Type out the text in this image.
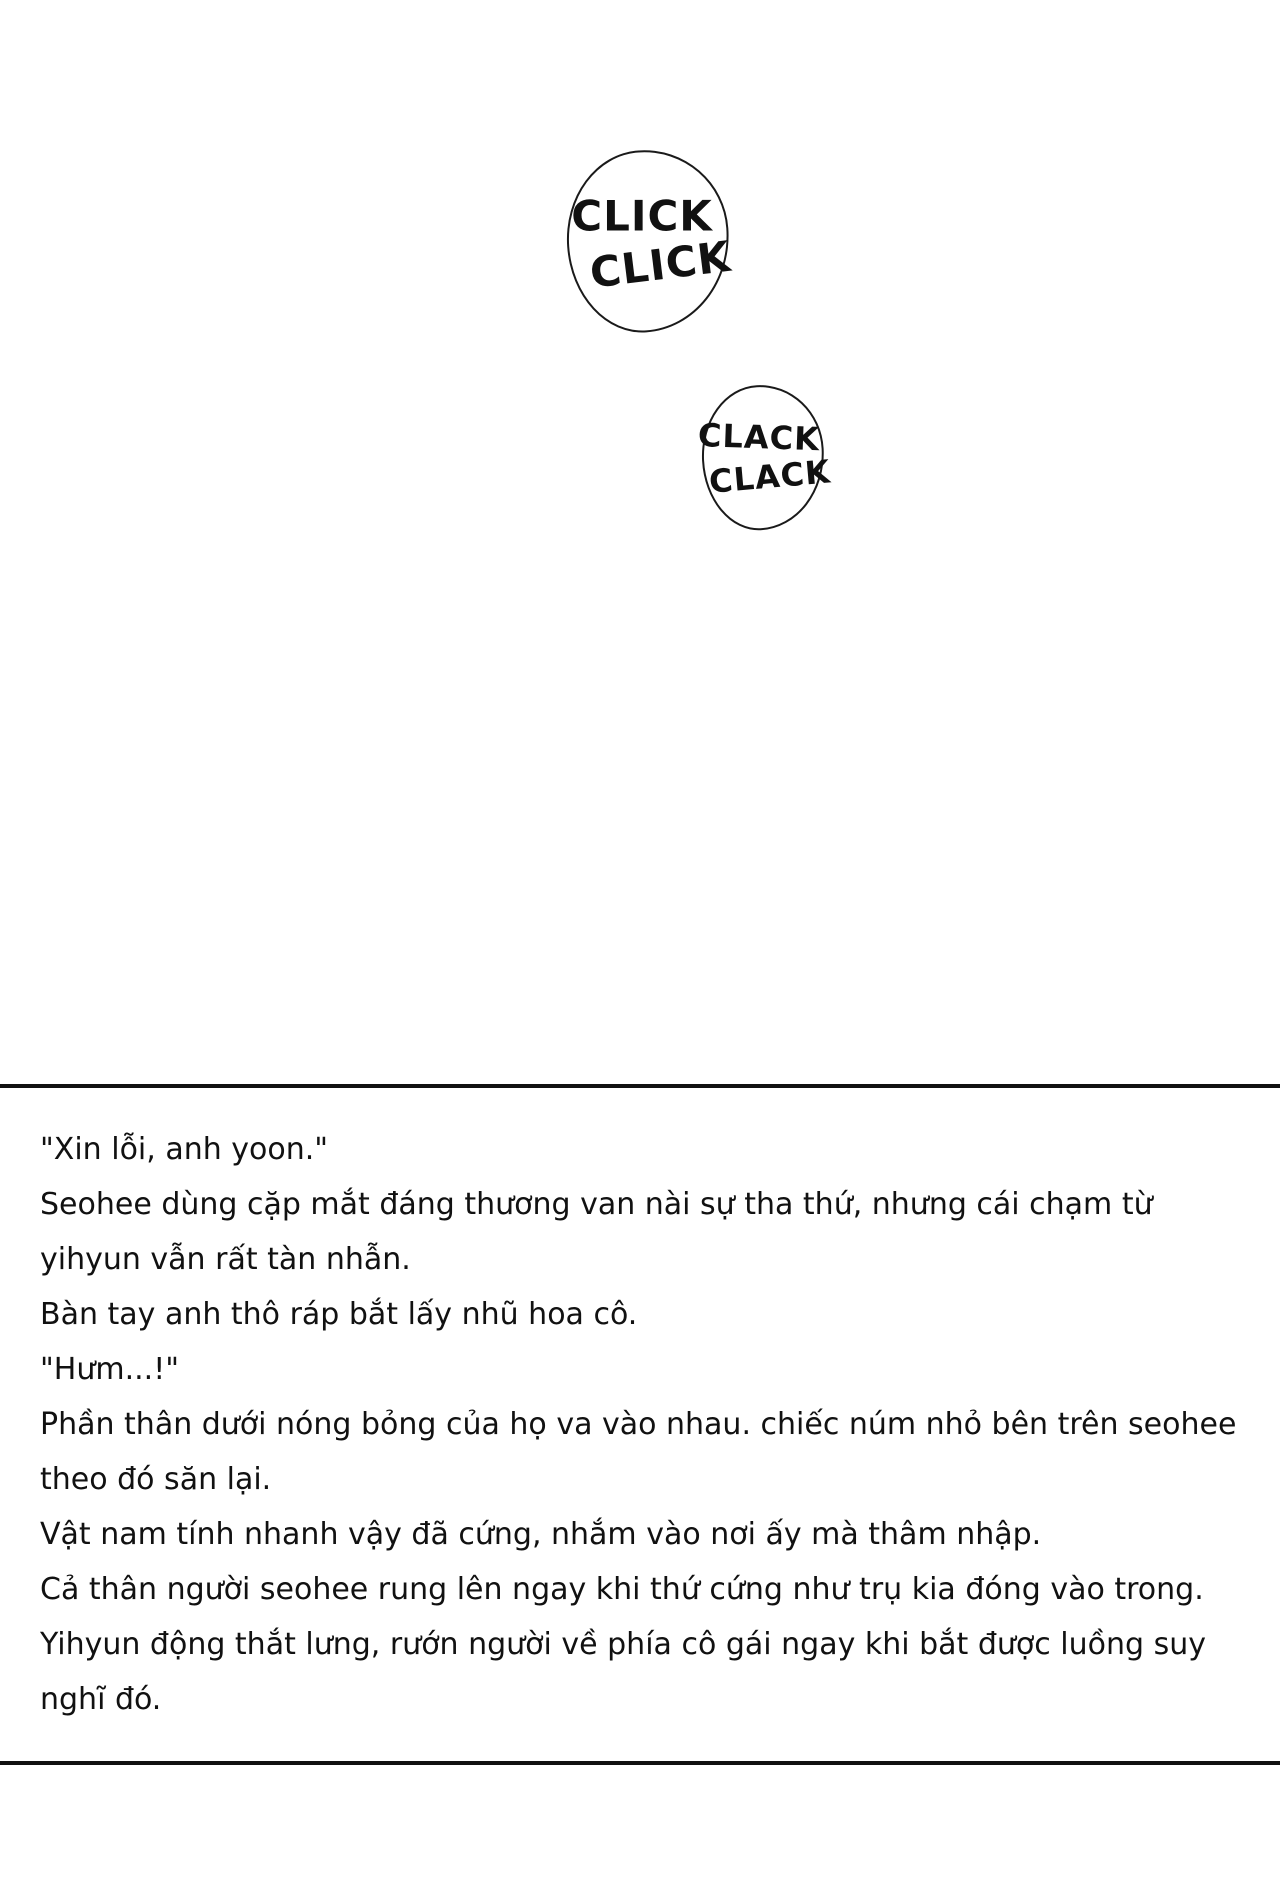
CLICK
CLICK
CLACK
CLACK

"Xin lỗi, anh yoon."

Seohee dùng cặp mắt đáng thương van nài sự tha thứ, nhưng cái chạm từ yihyun vẫn rất tàn nhẫn.

Bàn tay anh thô ráp bắt lấy nhũ hoa cô.

"Hưm...!"

Phần thân dưới nóng bỏng của họ va vào nhau. chiếc núm nhỏ bên trên seohee theo đó săn lại.

Vật nam tính nhanh vậy đã cứng, nhắm vào nơi ấy mà thâm nhập.

Cả thân người seohee rung lên ngay khi thứ cứng như trụ kia đóng vào trong.

Yihyun động thắt lưng, rướn người về phía cô gái ngay khi bắt được luồng suy nghĩ đó.
